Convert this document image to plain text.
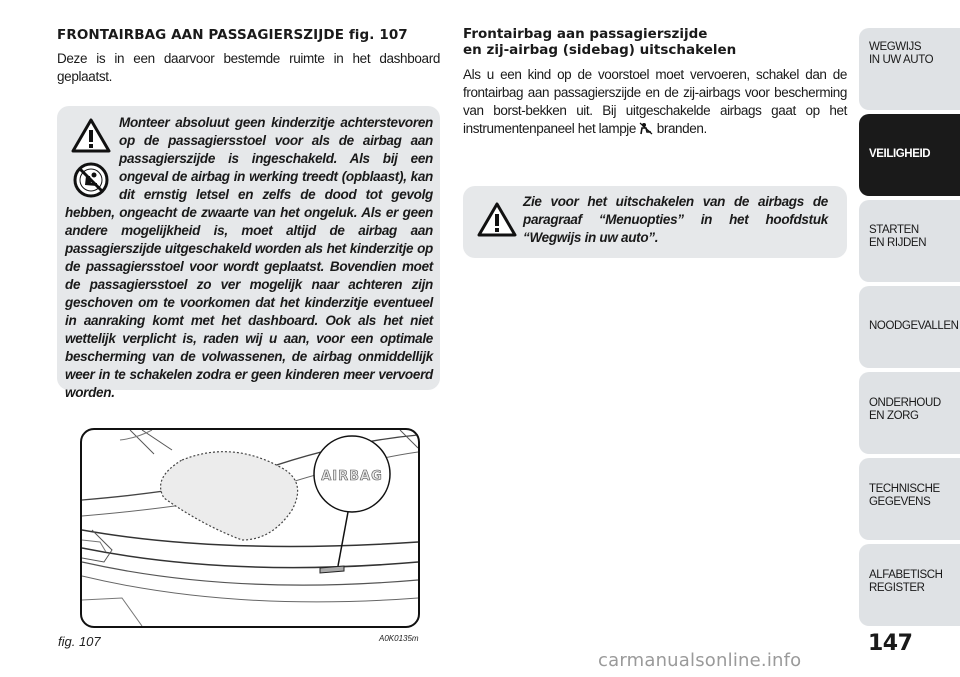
FRONTAIRBAG AAN PASSAGIERSZIJDE fig. 107

Deze is in een daarvoor bestemde ruimte in het dashboard geplaatst.

Monteer absoluut geen kinderzitje achterstevoren op de passagiersstoel voor als de airbag aan passagierszijde is ingeschakeld. Als bij een ongeval de airbag in werking treedt (opblaast), kan dit ernstig letsel en zelfs de dood tot gevolg hebben, ongeacht de zwaarte van het ongeluk. Als er geen andere mogelijkheid is, moet altijd de airbag aan passagierszijde uitgeschakeld worden als het kinderzitje op de passagiersstoel voor wordt geplaatst. Bovendien moet de passagiersstoel zo ver mogelijk naar achteren zijn geschoven om te voorkomen dat het kinderzitje eventueel in aanraking komt met het dashboard. Ook als het niet wettelijk verplicht is, raden wij u aan, voor een optimale bescherming van de volwassenen, de airbag onmiddellijk weer in te schakelen zodra er geen kinderen meer vervoerd worden.
AIRBAG
fig. 107	A0K0135m
Frontairbag aan passagierszijde
en zij-airbag (sidebag) uitschakelen

Als u een kind op de voorstoel moet vervoeren, schakel dan de frontairbag aan passagierszijde en de zij-airbags voor bescherming van borst-bekken uit. Bij uitgeschakelde airbags gaat op het instrumentenpaneel het lampje branden.

Zie voor het uitschakelen van de airbags de paragraaf “Menuopties” in het hoofdstuk “Wegwijs in uw auto”.
WEGWIJS
IN UW AUTO
VEILIGHEID
STARTEN
EN RIJDEN
NOODGEVALLEN
ONDERHOUD
EN ZORG
TECHNISCHE
GEGEVENS
ALFABETISCH
REGISTER
147
carmanualsonline.info
